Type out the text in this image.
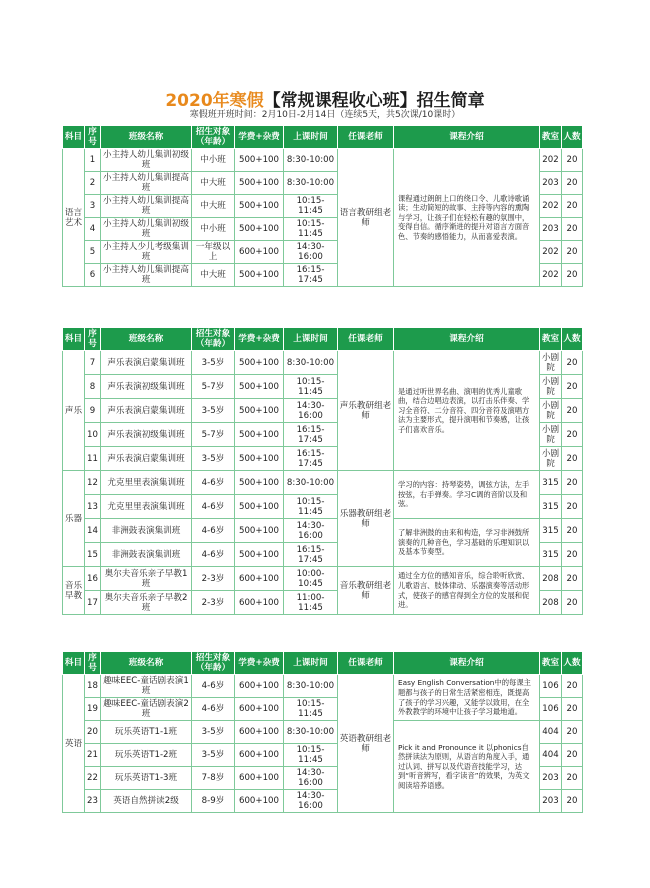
2020年寒假【常规课程收心班】招生简章
寒假班开班时间：2月10日-2月14日（连续5天，共5次课/10课时）
科目	序号	班级名称	招生对象（年龄）	学费+杂费	上课时间	任课老师	课程介绍	教室	人数
语言艺术	1	小主持人幼儿集训初级班	中小班	500+100	8:30-10:00	语言教研组老师	课程通过朗朗上口的绕口令、儿歌诗歌诵读；生动简短的故事、主持等内容的熏陶与学习，让孩子们在轻松有趣的氛围中，变得自信。循序渐进的提升对语言方面音色、节奏的感悟能力，从而喜爱表演。	202	20
	2	小主持人幼儿集训提高班	中大班	500+100	8:30-10:00			203	20
	3	小主持人幼儿集训提高班	中大班	500+100	10:15-11:45			202	20
	4	小主持人幼儿集训初级班	中小班	500+100	10:15-11:45			203	20
	5	小主持人少儿考级集训班	一年级以上	600+100	14:30-16:00			202	20
	6	小主持人幼儿集训提高班	中大班	500+100	16:15-17:45			202	20
科目	序号	班级名称	招生对象（年龄）	学费+杂费	上课时间	任课老师	课程介绍	教室	人数
声乐	7	声乐表演启蒙集训班	3-5岁	500+100	8:30-10:00	声乐教研组老师	是通过听世界名曲、演唱的优秀儿童歌曲，结合边唱边表演，以打击乐伴奏、学习全音符、二分音符、四分音符及演唱方法为主要形式，提升演唱和节奏感，让孩子们喜欢音乐。	小剧院	20
	8	声乐表演初级集训班	5-7岁	500+100	10:15-11:45			小剧院	20
	9	声乐表演启蒙集训班	3-5岁	500+100	14:30-16:00			小剧院	20
	10	声乐表演初级集训班	5-7岁	500+100	16:15-17:45			小剧院	20
	11	声乐表演启蒙集训班	3-5岁	500+100	16:15-17:45			小剧院	20
乐器	12	尤克里里表演集训班	4-6岁	500+100	8:30-10:00	乐器教研组老师	学习的内容：持琴姿势，调弦方法，左手按弦，右手弹奏。学习C调的音阶以及和弦。	315	20
	13	尤克里里表演集训班	4-6岁	500+100	10:15-11:45			315	20
	14	非洲鼓表演集训班	4-6岁	500+100	14:30-16:00		了解非洲鼓的由来和构造，学习非洲鼓所演奏的几种音色，学习基础的乐理知识以及基本节奏型。	315	20
	15	非洲鼓表演集训班	4-6岁	500+100	16:15-17:45			315	20
音乐早教	16	奥尔夫音乐亲子早教1班	2-3岁	600+100	10:00-10:45	音乐教研组老师	通过全方位的感知音乐，综合聆听欣赏、儿歌语言、肢体律动、乐器演奏等活动形式，使孩子的感官得到全方位的发展和促进。	208	20
	17	奥尔夫音乐亲子早教2班	2-3岁	600+100	11:00-11:45			208	20
科目	序号	班级名称	招生对象（年龄）	学费+杂费	上课时间	任课老师	课程介绍	教室	人数
英语	18	趣味EEC-童话剧表演1班	4-6岁	600+100	8:30-10:00	英语教研组老师	Easy English Conversation中的每课主题都与孩子的日常生活紧密相连，既提高了孩子的学习兴趣，又能学以致用，在全外教教学的环境中让孩子学习最地道。	106	20
	19	趣味EEC-童话剧表演2班	4-6岁	600+100	10:15-11:45			106	20
	20	玩乐英语T1-1班	3-5岁	600+100	8:30-10:00		Pick it and Pronounce it 以phonics自然拼读法为原则，从语言的角度入手，通过认词、拼写以及代语音技能学习，达到“听音辨写，看字读音”的效果，为英文阅读培养语感。	404	20
	21	玩乐英语T1-2班	3-5岁	600+100	10:15-11:45			404	20
	22	玩乐英语T1-3班	7-8岁	600+100	14:30-16:00			203	20
	23	英语自然拼读2级	8-9岁	600+100	14:30-16:00			203	20
